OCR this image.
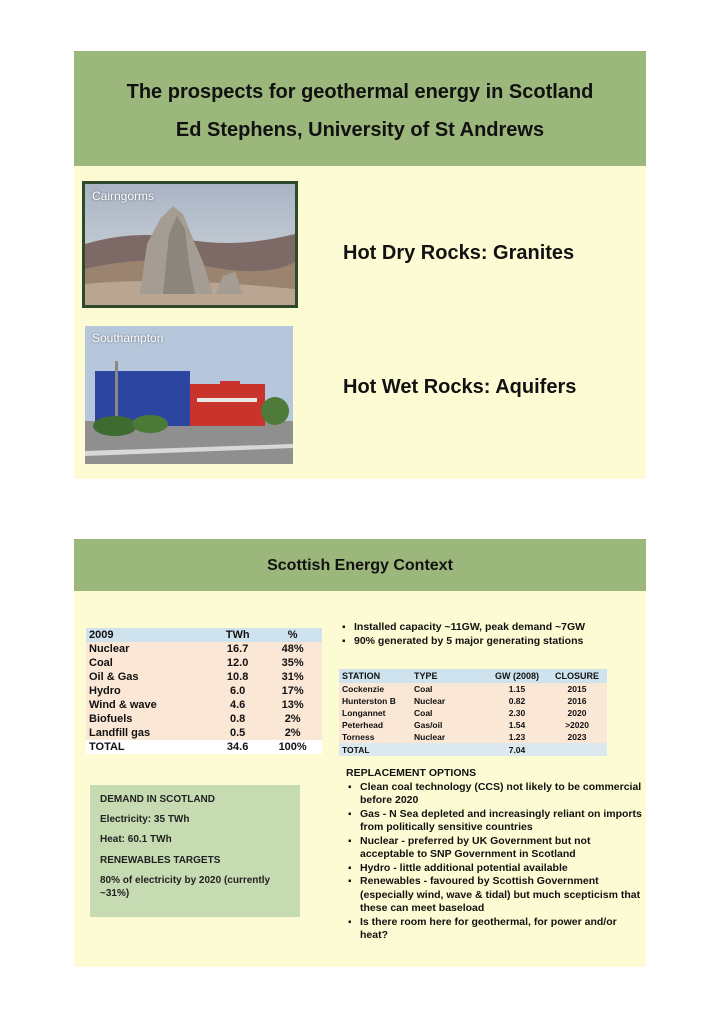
The prospects for geothermal energy in Scotland
Ed Stephens, University of St Andrews
Cairngorms
Hot Dry Rocks: Granites
Southampton
Hot Wet Rocks: Aquifers
Scottish Energy Context
2009	TWh	%
Nuclear	16.7	48%
Coal	12.0	35%
Oil & Gas	10.8	31%
Hydro	6.0	17%
Wind & wave	4.6	13%
Biofuels	0.8	2%
Landfill gas	0.5	2%
TOTAL	34.6	100%
▪ Installed capacity ~11GW, peak demand ~7GW
▪ 90% generated by 5 major generating stations
STATION	TYPE	GW (2008)	CLOSURE
Cockenzie	Coal	1.15	2015
Hunterston B	Nuclear	0.82	2016
Longannet	Coal	2.30	2020
Peterhead	Gas/oil	1.54	>2020
Torness	Nuclear	1.23	2023
TOTAL		7.04	

DEMAND IN SCOTLAND

Electricity: 35 TWh

Heat: 60.1 TWh

RENEWABLES TARGETS

80% of electricity by 2020 (currently ~31%)

REPLACEMENT OPTIONS
▪ Clean coal technology (CCS) not likely to be commercial before 2020
▪ Gas - N Sea depleted and increasingly reliant on imports from politically sensitive countries
▪ Nuclear - preferred by UK Government but not acceptable to SNP Government in Scotland
▪ Hydro - little additional potential available
▪ Renewables - favoured by Scottish Government (especially wind, wave & tidal) but much scepticism that these can meet baseload
▪ Is there room here for geothermal, for power and/or heat?
